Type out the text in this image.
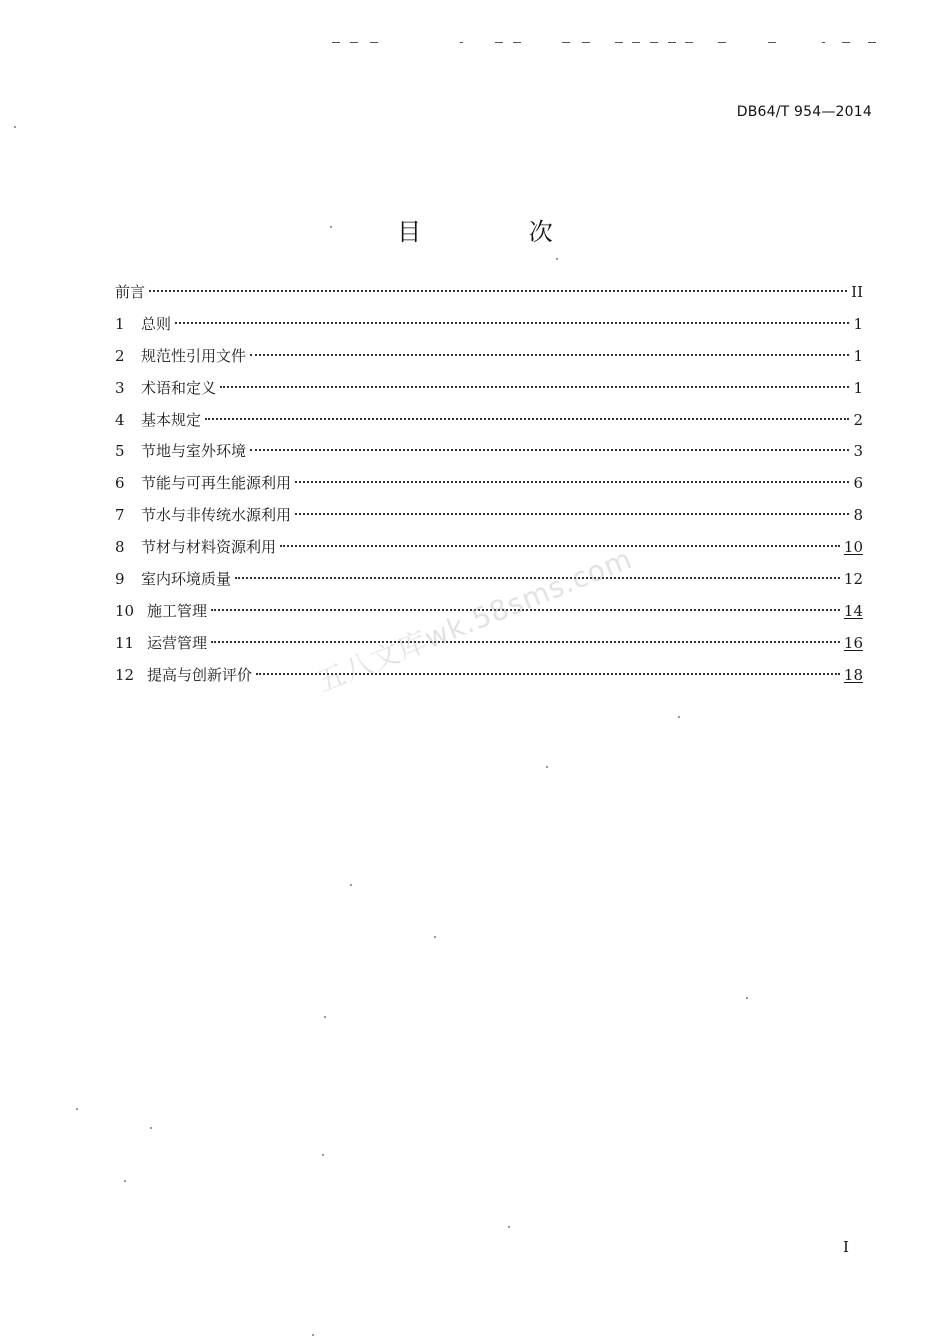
DB64/T 954—2014
目 次
前言	II
1	总则	1
2	规范性引用文件	1
3	术语和定义	1
4	基本规定	2
5	节地与室外环境	3
6	节能与可再生能源利用	6
7	节水与非传统水源利用	8
8	节材与材料资源利用	10
9	室内环境质量	12
10 施工管理	14
11 运营管理	16
12 提高与创新评价	18
五八文库wk.58sms.com
I
